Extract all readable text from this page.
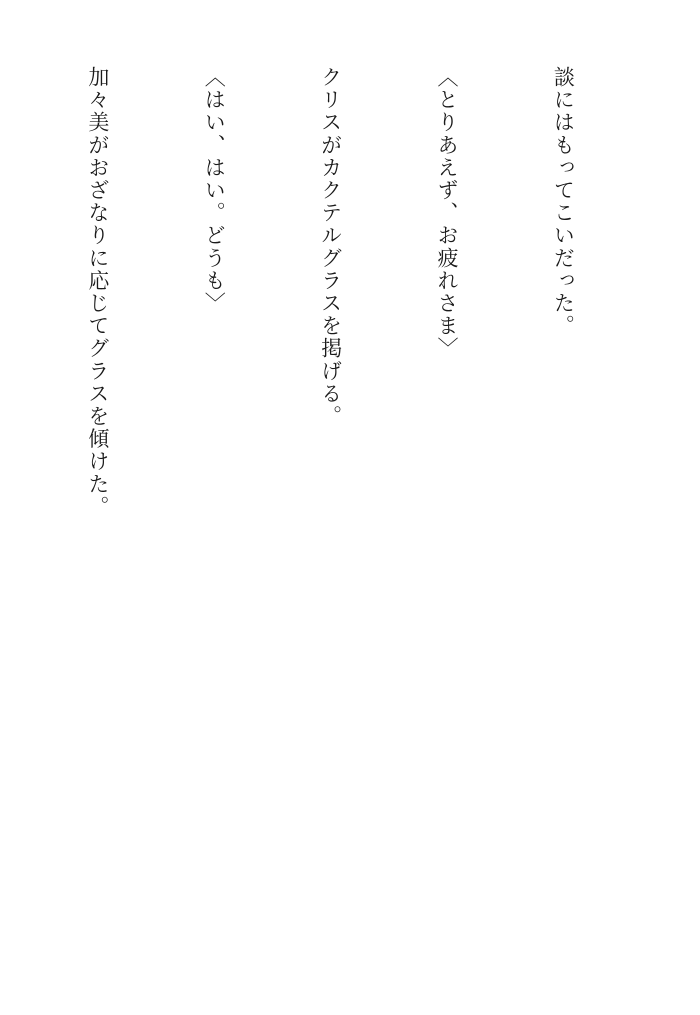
談にはもってこいだった。

〈とりあえず、お疲れさま〉

クリスがカクテルグラスを掲げる。

〈はい、はい。どうも〉

加々美がおざなりに応じてグラスを傾けた。
